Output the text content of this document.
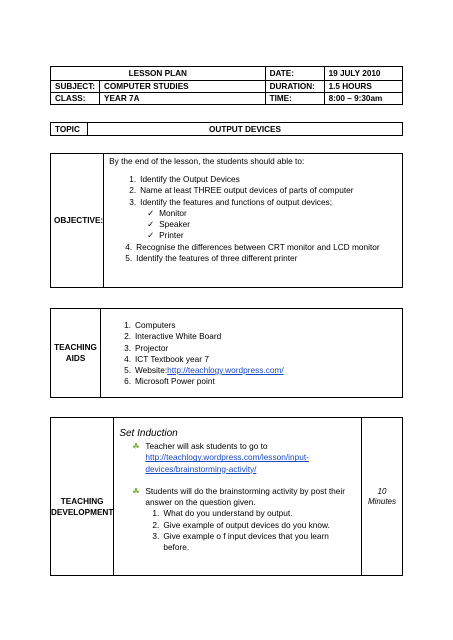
LESSON PLAN		DATE:	19 JULY 2010
SUBJECT:	COMPUTER STUDIES	DURATION:	1.5 HOURS
CLASS:	YEAR 7A	TIME:	8:00 – 9:30am
TOPIC	OUTPUT DEVICES
OBJECTIVE:	
By the end of the lesson, the students should able to:
1. Identify the Output Devices
2. Name at least THREE output devices of parts of computer
3. Identify the features and functions of output devices;
✓ Monitor
✓ Speaker
✓ Printer
4. Recognise the differences between CRT monitor and LCD monitor
5. Identify the features of three different printer
TEACHING
AIDS

1. Computers
2. Interactive White Board
3. Projector
4. ICT Textbook year 7
5. Website: http://teachlogy.wordpress.com/
6. Microsoft Power point
TEACHING
DEVELOPMENT

Set Induction
☘ Teacher will ask students to go to
http://teachlogy.wordpress.com/lesson/input-
devices/brainstorming-activity/
☘ Students will do the brainstorming activity by post their
answer on the question given.
1. What do you understand by output.
2. Give example of output devices do you know.
3. Give example o f input devices that you learn
before.

10
Minutes
